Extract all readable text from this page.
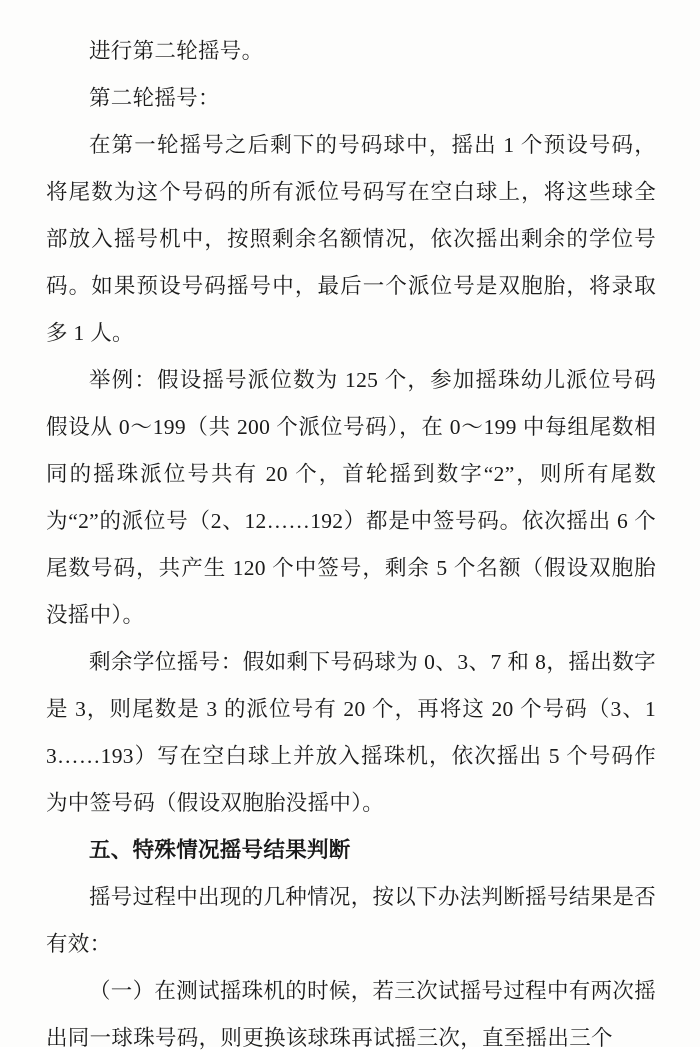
进行第二轮摇号。

第二轮摇号：

在第一轮摇号之后剩下的号码球中，摇出 1 个预设号码，将尾数为这个号码的所有派位号码写在空白球上，将这些球全部放入摇号机中，按照剩余名额情况，依次摇出剩余的学位号码。如果预设号码摇号中，最后一个派位号是双胞胎，将录取多 1 人。

举例：假设摇号派位数为 125 个，参加摇珠幼儿派位号码假设从 0～199（共 200 个派位号码），在 0～199 中每组尾数相同的摇珠派位号共有 20 个，首轮摇到数字“2”，则所有尾数为“2”的派位号（2、12……192）都是中签号码。依次摇出 6 个尾数号码，共产生 120 个中签号，剩余 5 个名额（假设双胞胎没摇中）。

剩余学位摇号：假如剩下号码球为 0、3、7 和 8，摇出数字是 3，则尾数是 3 的派位号有 20 个，再将这 20 个号码（3、13……193）写在空白球上并放入摇珠机，依次摇出 5 个号码作为中签号码（假设双胞胎没摇中）。

五、特殊情况摇号结果判断

摇号过程中出现的几种情况，按以下办法判断摇号结果是否有效：

（一）在测试摇珠机的时候，若三次试摇号过程中有两次摇出同一球珠号码，则更换该球珠再试摇三次，直至摇出三个
